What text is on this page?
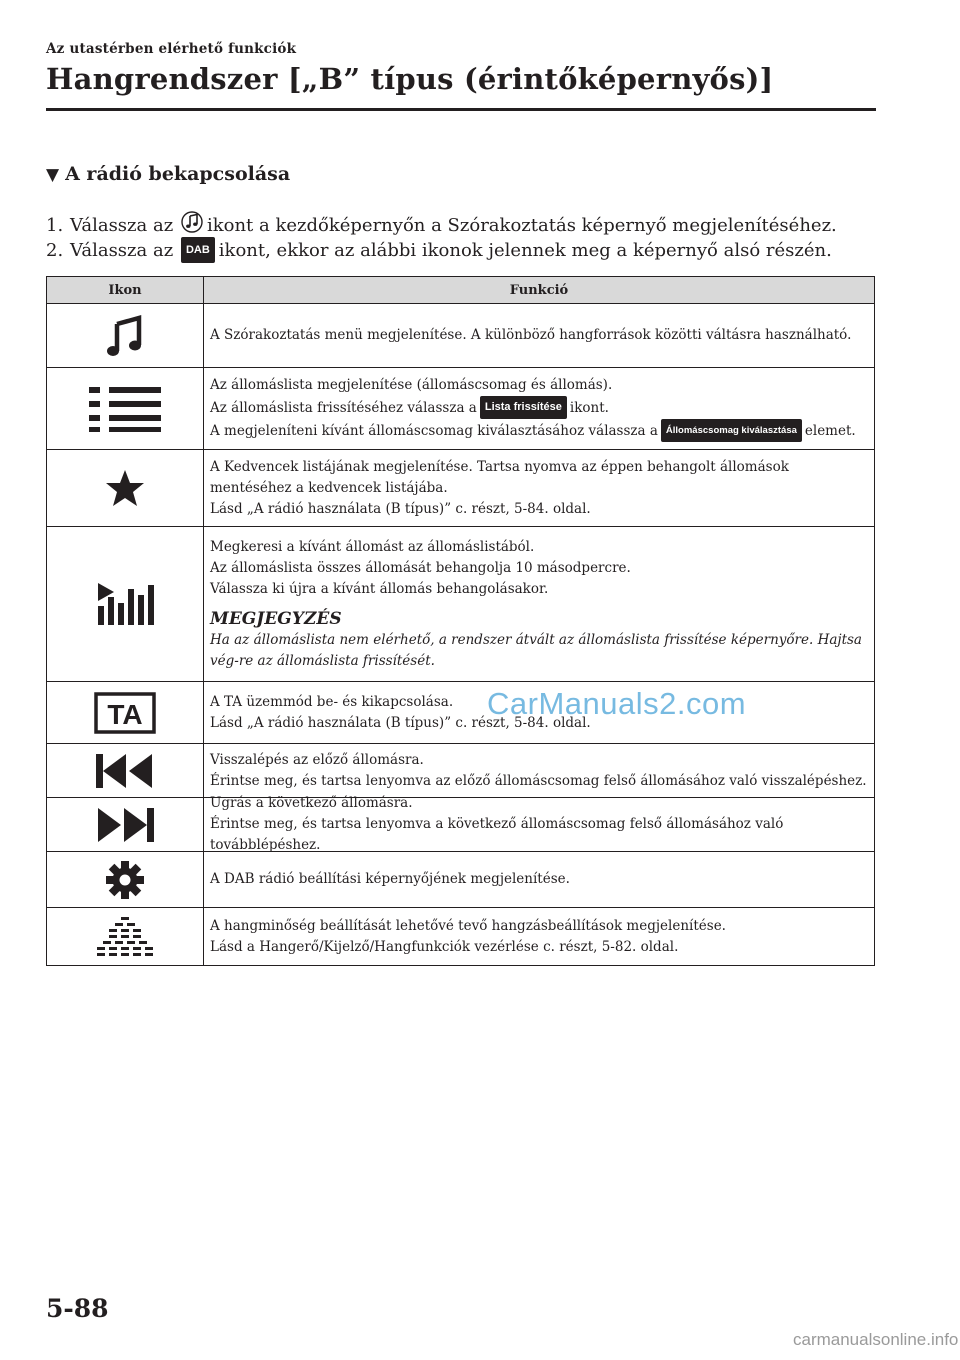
Az utastérben elérhető funkciók
Hangrendszer [„B” típus (érintőképernyős)]
▼ A rádió bekapcsolása
1. Válassza az ikont a kezdőképernyőn a Szórakoztatás képernyő megjelenítéséhez.
2. Válassza az DAB ikont, ekkor az alábbi ikonok jelennek meg a képernyő alsó részén.
Ikon	Funkció
A Szórakoztatás menü megjelenítése. A különböző hangforrások közötti váltásra használható.
Az állomáslista megjelenítése (állomáscsomag és állomás).
Az állomáslista frissítéséhez válassza a Lista frissítése ikont.
A megjeleníteni kívánt állomáscsomag kiválasztásához válassza a Állomáscsomag kiválasztása elemet.
A Kedvencek listájának megjelenítése. Tartsa nyomva az éppen behangolt állomások mentéséhez a kedvencek listájába.
Lásd „A rádió használata (B típus)” c. részt, 5-84. oldal.
Megkeresi a kívánt állomást az állomáslistából.
Az állomáslista összes állomását behangolja 10 másodpercre.
Válassza ki újra a kívánt állomás behangolásakor.
MEGJEGYZÉS
Ha az állomáslista nem elérhető, a rendszer átvált az állomáslista frissítése képernyőre. Hajtsa vég-re az állomáslista frissítését.
TA	A TA üzemmód be- és kikapcsolása.
Lásd „A rádió használata (B típus)” c. részt, 5-84. oldal.
Visszalépés az előző állomásra.
Érintse meg, és tartsa lenyomva az előző állomáscsomag felső állomásához való visszalépéshez.
Ugrás a következő állomásra.
Érintse meg, és tartsa lenyomva a következő állomáscsomag felső állomásához való továbblépéshez.
A DAB rádió beállítási képernyőjének megjelenítése.
A hangminőség beállítását lehetővé tevő hangzásbeállítások megjelenítése.
Lásd a Hangerő/Kijelző/Hangfunkciók vezérlése c. részt, 5-82. oldal.
CarManuals2.com
5-88
carmanualsonline.info
